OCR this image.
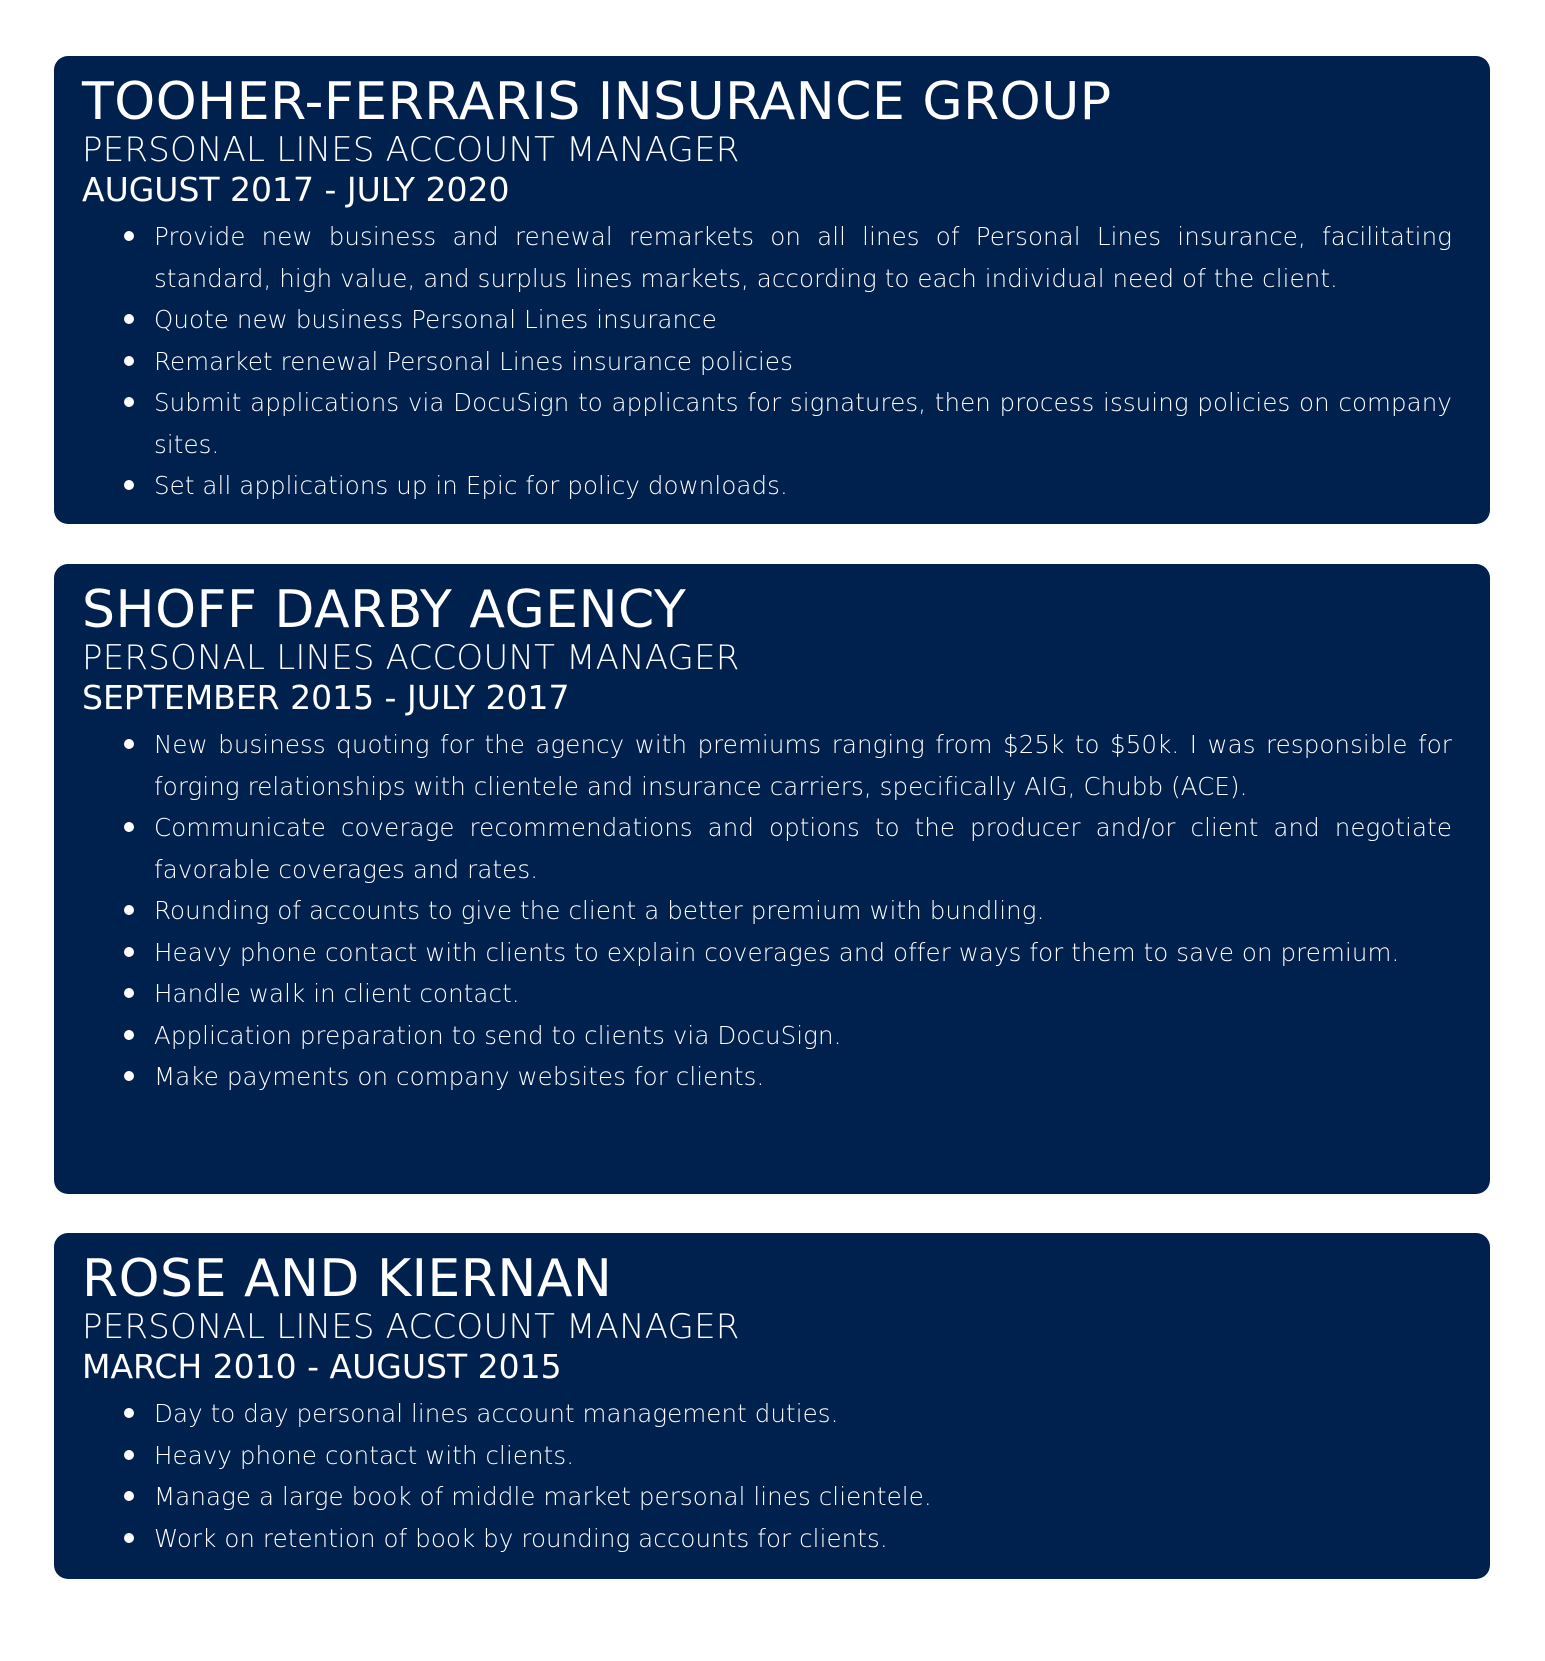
TOOHER-FERRARIS INSURANCE GROUP
PERSONAL LINES ACCOUNT MANAGER
AUGUST 2017 - JULY 2020
Provide new business and renewal remarkets on all lines of Personal Lines insurance, facilitating standard, high value, and surplus lines markets, according to each individual need of the client.
Quote new business Personal Lines insurance
Remarket renewal Personal Lines insurance policies
Submit applications via DocuSign to applicants for signatures, then process issuing policies on company sites.
Set all applications up in Epic for policy downloads.
SHOFF DARBY AGENCY
PERSONAL LINES ACCOUNT MANAGER
SEPTEMBER 2015 - JULY 2017
New business quoting for the agency with premiums ranging from $25k to $50k. I was responsible for forging relationships with clientele and insurance carriers, specifically AIG, Chubb (ACE).
Communicate coverage recommendations and options to the producer and/or client and negotiate favorable coverages and rates.
Rounding of accounts to give the client a better premium with bundling.
Heavy phone contact with clients to explain coverages and offer ways for them to save on premium.
Handle walk in client contact.
Application preparation to send to clients via DocuSign.
Make payments on company websites for clients.
ROSE AND KIERNAN
PERSONAL LINES ACCOUNT MANAGER
MARCH 2010 - AUGUST 2015
Day to day personal lines account management duties.
Heavy phone contact with clients.
Manage a large book of middle market personal lines clientele.
Work on retention of book by rounding accounts for clients.
